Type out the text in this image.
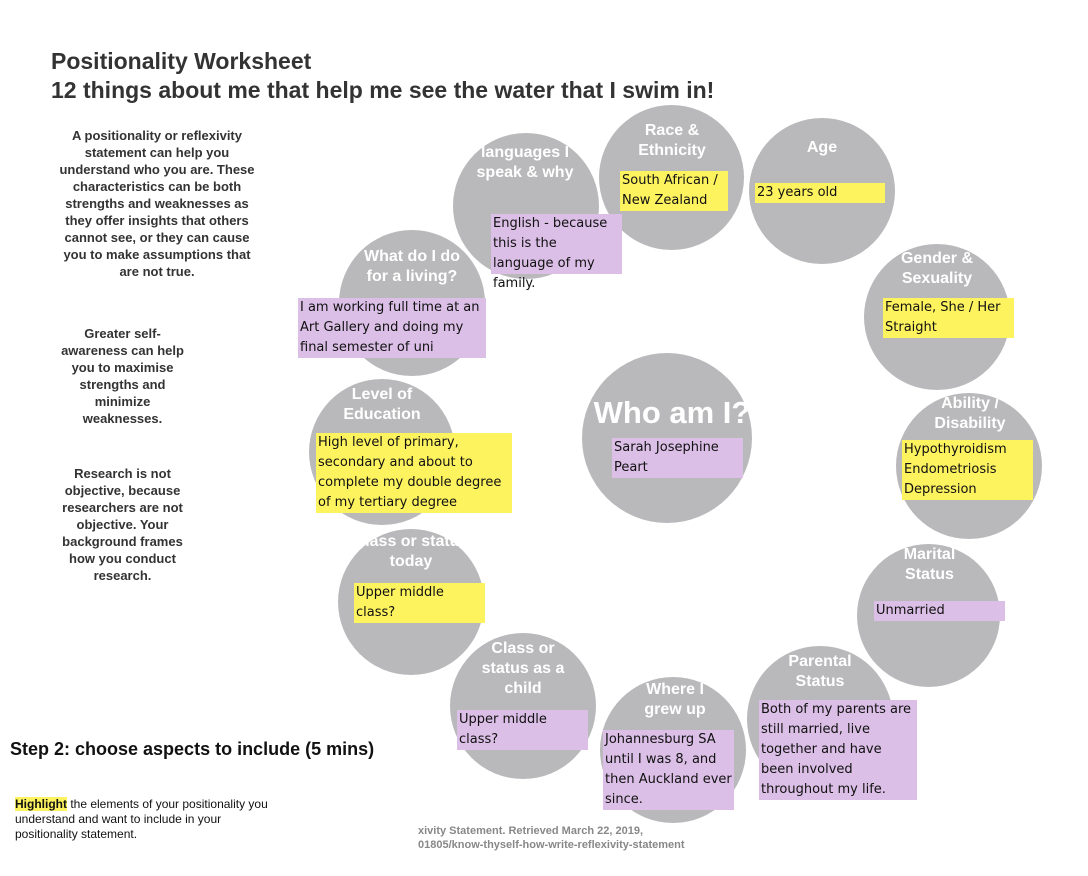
Positionality Worksheet
12 things about me that help me see the water that I swim in!
A positionality or reflexivity statement can help you understand who you are. These characteristics can be both strengths and weaknesses as they offer insights that others cannot see, or they can cause you to make assumptions that are not true.
Greater self-awareness can help you to maximise strengths and minimize weaknesses.
Research is not objective, because researchers are not objective. Your background frames how you conduct research.
Who am I?
Race & Ethnicity	Age
Gender & Sexuality
Ability / Disability
Marital Status
Parental Status
Where I grew up
Class or status as a child
Class or status today
Level of Education
What do I do for a living?
languages I speak & why
Sarah Josephine Peart
South African / New Zealand
23 years old
Female, She / Her Straight
Hypothyroidism Endometriosis Depression
Unmarried
Both of my parents are still married, live together and have been involved throughout my life.
Johannesburg SA until I was 8, and then Auckland ever since.
Upper middle class?
Upper middle class?
High level of primary, secondary and about to complete my double degree of my tertiary degree
I am working full time at an Art Gallery and doing my final semester of uni
English - because this is the language of my family.
Step 2: choose aspects to include (5 mins)
Highlight the elements of your positionality you understand and want to include in your positionality statement.	xivity Statement. Retrieved March 22, 2019,
01805/know-thyself-how-write-reflexivity-statement
